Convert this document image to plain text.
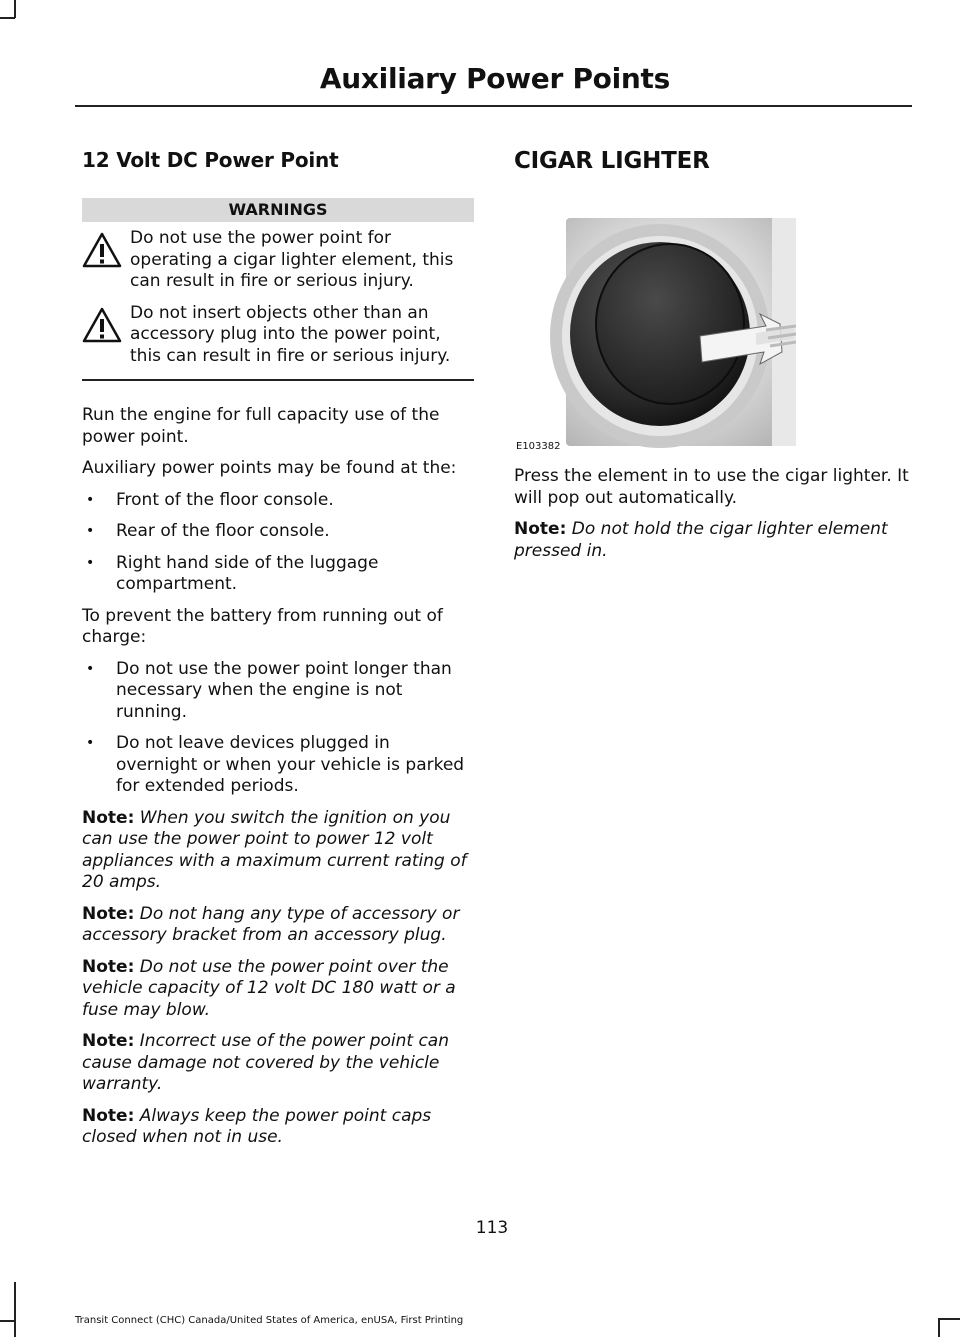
Auxiliary Power Points
12 Volt DC Power Point
WARNINGS
Do not use the power point for operating a cigar lighter element, this can result in fire or serious injury.
Do not insert objects other than an accessory plug into the power point, this can result in fire or serious injury.

Run the engine for full capacity use of the power point.

Auxiliary power points may be found at the:

• Front of the floor console.
• Rear of the floor console.
• Right hand side of the luggage compartment.

To prevent the battery from running out of charge:

• Do not use the power point longer than necessary when the engine is not running.
• Do not leave devices plugged in overnight or when your vehicle is parked for extended periods.

Note: When you switch the ignition on you can use the power point to power 12 volt appliances with a maximum current rating of 20 amps.

Note: Do not hang any type of accessory or accessory bracket from an accessory plug.

Note: Do not use the power point over the vehicle capacity of 12 volt DC 180 watt or a fuse may blow.

Note: Incorrect use of the power point can cause damage not covered by the vehicle warranty.

Note: Always keep the power point caps closed when not in use.

CIGAR LIGHTER
E103382

Press the element in to use the cigar lighter. It will pop out automatically.

Note: Do not hold the cigar lighter element pressed in.

113
Transit Connect (CHC) Canada/United States of America, enUSA, First Printing
